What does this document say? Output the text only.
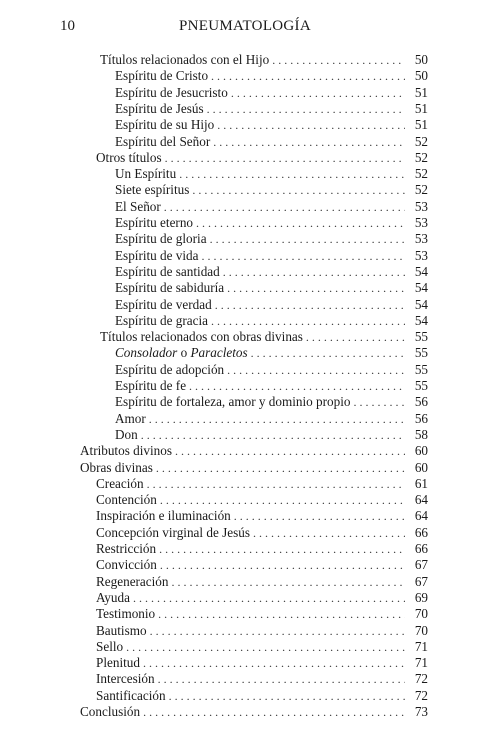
10	PNEUMATOLOGÍA
Títulos relacionados con el Hijo . . .	50
Espíritu de Cristo . . .	50
Espíritu de Jesucristo . . .	51
Espíritu de Jesús . . .	51
Espíritu de su Hijo . . .	51
Espíritu del Señor . . .	52
Otros títulos . . .	52
Un Espíritu . . .	52
Siete espíritus . . .	52
El Señor . . .	53
Espíritu eterno . . .	53
Espíritu de gloria . . .	53
Espíritu de vida . . .	53
Espíritu de santidad . . .	54
Espíritu de sabiduría . . .	54
Espíritu de verdad . . .	54
Espíritu de gracia . . .	54
Títulos relacionados con obras divinas . . .	55
Consolador o Paracletos . . .	55
Espíritu de adopción . . .	55
Espíritu de fe . . .	55
Espíritu de fortaleza, amor y dominio propio . . .	56
Amor . . .	56
Don . . .	58
Atributos divinos . . .	60
Obras divinas . . .	60
Creación . . .	61
Contención . . .	64
Inspiración e iluminación . . .	64
Concepción virginal de Jesús . . .	66
Restricción . . .	66
Convicción . . .	67
Regeneración . . .	67
Ayuda . . .	69
Testimonio . . .	70
Bautismo . . .	70
Sello . . .	71
Plenitud . . .	71
Intercesión . . .	72
Santificación . . .	72
Conclusión . . .	73
